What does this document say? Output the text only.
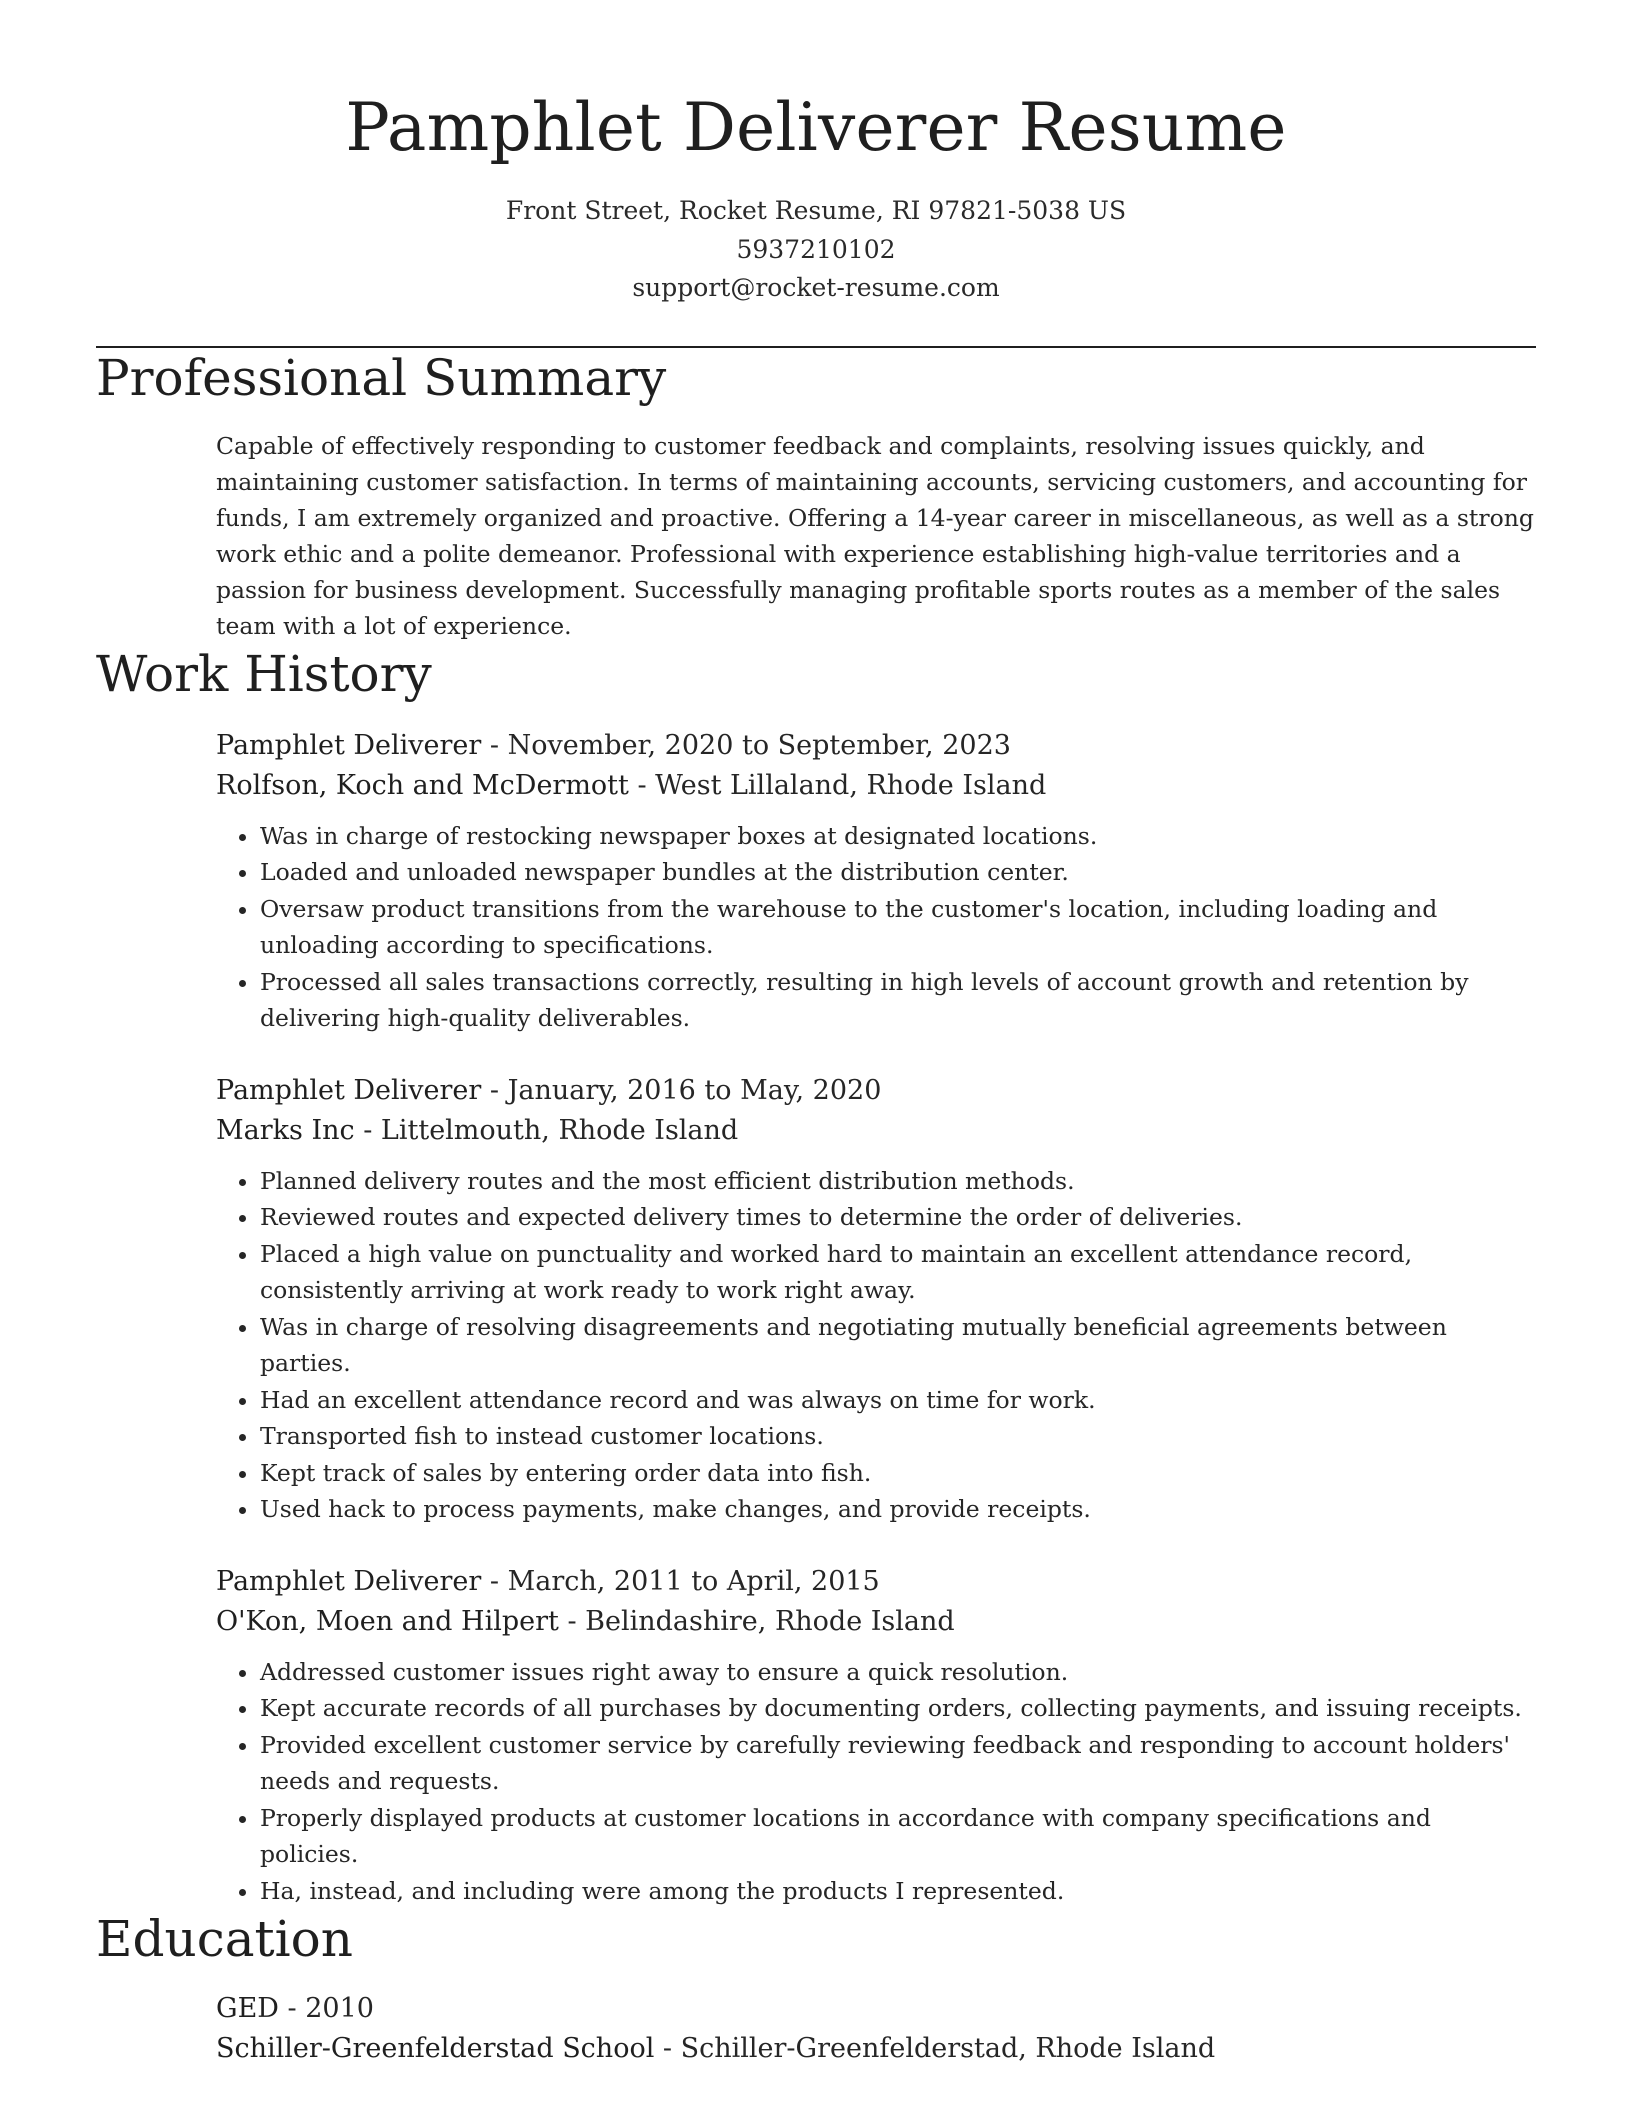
Pamphlet Deliverer Resume
Front Street, Rocket Resume, RI 97821-5038 US
5937210102
support@rocket-resume.com
Professional Summary
Capable of effectively responding to customer feedback and complaints, resolving issues quickly, and maintaining customer satisfaction. In terms of maintaining accounts, servicing customers, and accounting for funds, I am extremely organized and proactive. Offering a 14-year career in miscellaneous, as well as a strong work ethic and a polite demeanor. Professional with experience establishing high-value territories and a passion for business development. Successfully managing profitable sports routes as a member of the sales team with a lot of experience.
Work History
Pamphlet Deliverer - November, 2020 to September, 2023
Rolfson, Koch and McDermott - West Lillaland, Rhode Island
• Was in charge of restocking newspaper boxes at designated locations.
• Loaded and unloaded newspaper bundles at the distribution center.
• Oversaw product transitions from the warehouse to the customer's location, including loading and unloading according to specifications.
• Processed all sales transactions correctly, resulting in high levels of account growth and retention by delivering high-quality deliverables.
Pamphlet Deliverer - January, 2016 to May, 2020
Marks Inc - Littelmouth, Rhode Island
• Planned delivery routes and the most efficient distribution methods.
• Reviewed routes and expected delivery times to determine the order of deliveries.
• Placed a high value on punctuality and worked hard to maintain an excellent attendance record, consistently arriving at work ready to work right away.
• Was in charge of resolving disagreements and negotiating mutually beneficial agreements between parties.
• Had an excellent attendance record and was always on time for work.
• Transported fish to instead customer locations.
• Kept track of sales by entering order data into fish.
• Used hack to process payments, make changes, and provide receipts.
Pamphlet Deliverer - March, 2011 to April, 2015
O'Kon, Moen and Hilpert - Belindashire, Rhode Island
• Addressed customer issues right away to ensure a quick resolution.
• Kept accurate records of all purchases by documenting orders, collecting payments, and issuing receipts.
• Provided excellent customer service by carefully reviewing feedback and responding to account holders' needs and requests.
• Properly displayed products at customer locations in accordance with company specifications and policies.
• Ha, instead, and including were among the products I represented.
Education
GED - 2010
Schiller-Greenfelderstad School - Schiller-Greenfelderstad, Rhode Island
